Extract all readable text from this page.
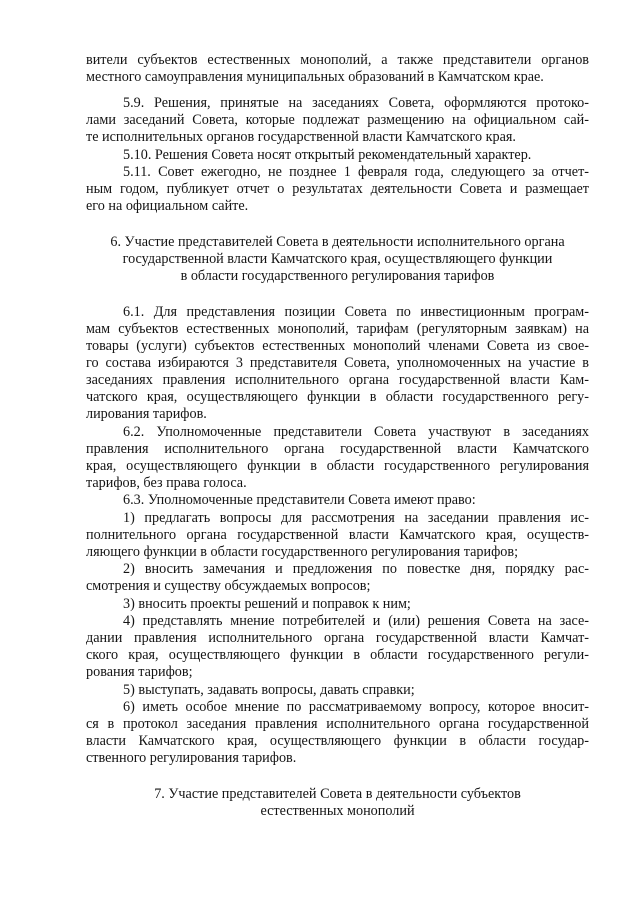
вители субъектов естественных монополий, а также представители органов
местного самоуправления муниципальных образований в Камчатском крае.
5.9. Решения, принятые на заседаниях Совета, оформляются протоко-
лами заседаний Совета, которые подлежат размещению на официальном сай-
те исполнительных органов государственной власти Камчатского края.
5.10. Решения Совета носят открытый рекомендательный характер.
5.11. Совет ежегодно, не позднее 1 февраля года, следующего за отчет-
ным годом, публикует отчет о результатах деятельности Совета и размещает
его на официальном сайте.
6. Участие представителей Совета в деятельности исполнительного органа
государственной власти Камчатского края, осуществляющего функции
в области государственного регулирования тарифов
6.1. Для представления позиции Совета по инвестиционным програм-
мам субъектов естественных монополий, тарифам (регуляторным заявкам) на
товары (услуги) субъектов естественных монополий членами Совета из свое-
го состава избираются 3 представителя Совета, уполномоченных на участие в
заседаниях правления исполнительного органа государственной власти Кам-
чатского края, осуществляющего функции в области государственного регу-
лирования тарифов.
6.2. Уполномоченные представители Совета участвуют в заседаниях
правления исполнительного органа государственной власти Камчатского
края, осуществляющего функции в области государственного регулирования
тарифов, без права голоса.
6.3. Уполномоченные представители Совета имеют право:
1) предлагать вопросы для рассмотрения на заседании правления ис-
полнительного органа государственной власти Камчатского края, осуществ-
ляющего функции в области государственного регулирования тарифов;
2) вносить замечания и предложения по повестке дня, порядку рас-
смотрения и существу обсуждаемых вопросов;
3) вносить проекты решений и поправок к ним;
4) представлять мнение потребителей и (или) решения Совета на засе-
дании правления исполнительного органа государственной власти Камчат-
ского края, осуществляющего функции в области государственного регули-
рования тарифов;
5) выступать, задавать вопросы, давать справки;
6) иметь особое мнение по рассматриваемому вопросу, которое вносит-
ся в протокол заседания правления исполнительного органа государственной
власти Камчатского края, осуществляющего функции в области государ-
ственного регулирования тарифов.
7. Участие представителей Совета в деятельности субъектов
естественных монополий
